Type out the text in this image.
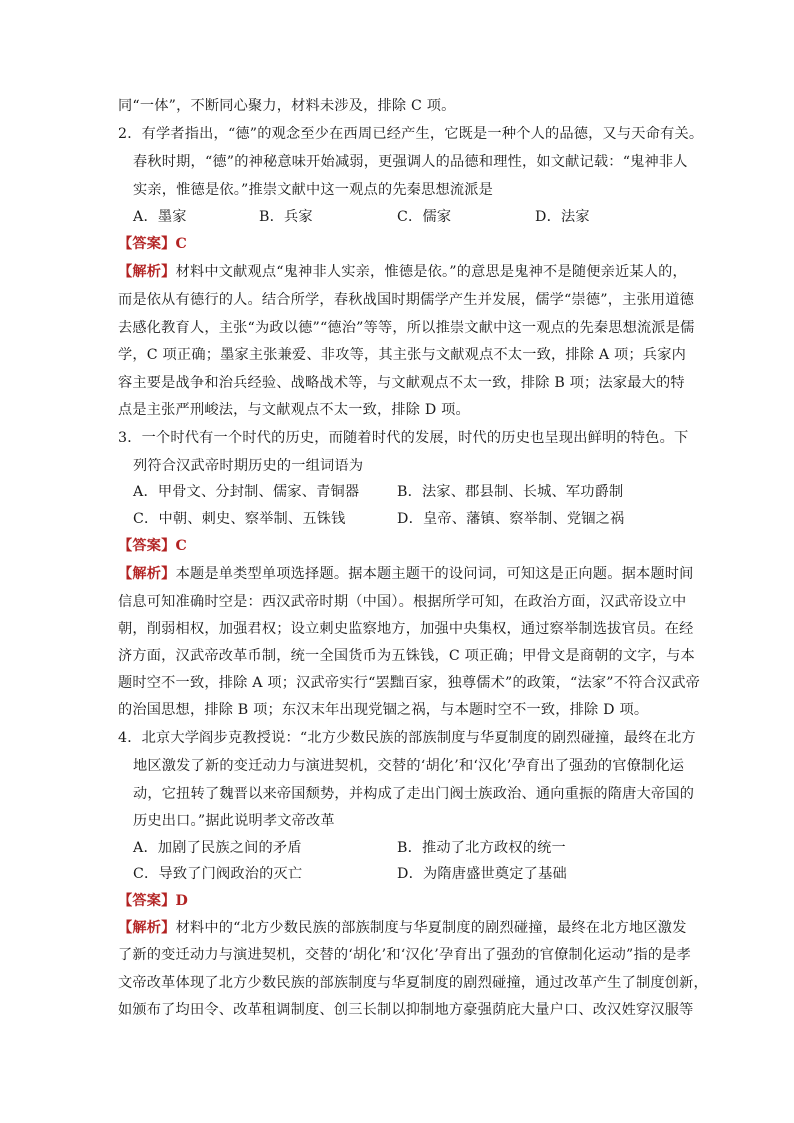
同“一体”，不断同心聚力，材料未涉及，排除 C 项。
2．有学者指出，“德”的观念至少在西周已经产生，它既是一种个人的品德，又与天命有关。
春秋时期，“德”的神秘意味开始减弱，更强调人的品德和理性，如文献记载：“鬼神非人
实亲，惟德是依。”推崇文献中这一观点的先秦思想流派是
A．墨家	B．兵家	C．儒家	D．法家
【答案】C
【解析】材料中文献观点“鬼神非人实亲，惟德是依。”的意思是鬼神不是随便亲近某人的，
而是依从有德行的人。结合所学，春秋战国时期儒学产生并发展，儒学“崇德”，主张用道德
去感化教育人，主张“为政以德”“德治”等等，所以推崇文献中这一观点的先秦思想流派是儒
学，C 项正确；墨家主张兼爱、非攻等，其主张与文献观点不太一致，排除 A 项；兵家内
容主要是战争和治兵经验、战略战术等，与文献观点不太一致，排除 B 项；法家最大的特
点是主张严刑峻法，与文献观点不太一致，排除 D 项。
3．一个时代有一个时代的历史，而随着时代的发展，时代的历史也呈现出鲜明的特色。下
列符合汉武帝时期历史的一组词语为
A．甲骨文、分封制、儒家、青铜器	B．法家、郡县制、长城、军功爵制
C．中朝、刺史、察举制、五铢钱	D．皇帝、藩镇、察举制、党锢之祸
【答案】C
【解析】本题是单类型单项选择题。据本题主题干的设问词，可知这是正向题。据本题时间
信息可知准确时空是：西汉武帝时期（中国）。根据所学可知，在政治方面，汉武帝设立中
朝，削弱相权，加强君权；设立刺史监察地方，加强中央集权，通过察举制选拔官员。在经
济方面，汉武帝改革币制，统一全国货币为五铢钱，C 项正确；甲骨文是商朝的文字，与本
题时空不一致，排除 A 项；汉武帝实行“罢黜百家，独尊儒术”的政策，“法家”不符合汉武帝
的治国思想，排除 B 项；东汉末年出现党锢之祸，与本题时空不一致，排除 D 项。
4．北京大学阎步克教授说：“北方少数民族的部族制度与华夏制度的剧烈碰撞，最终在北方
地区激发了新的变迁动力与演进契机，交替的‘胡化’和‘汉化’孕育出了强劲的官僚制化运
动，它扭转了魏晋以来帝国颓势，并构成了走出门阀士族政治、通向重振的隋唐大帝国的
历史出口。”据此说明孝文帝改革
A．加剧了民族之间的矛盾	B．推动了北方政权的统一
C．导致了门阀政治的灭亡	D．为隋唐盛世奠定了基础
【答案】D
【解析】材料中的“北方少数民族的部族制度与华夏制度的剧烈碰撞，最终在北方地区激发
了新的变迁动力与演进契机，交替的‘胡化’和‘汉化’孕育出了强劲的官僚制化运动”指的是孝
文帝改革体现了北方少数民族的部族制度与华夏制度的剧烈碰撞，通过改革产生了制度创新，
如颁布了均田令、改革租调制度、创三长制以抑制地方豪强荫庇大量户口、改汉姓穿汉服等
